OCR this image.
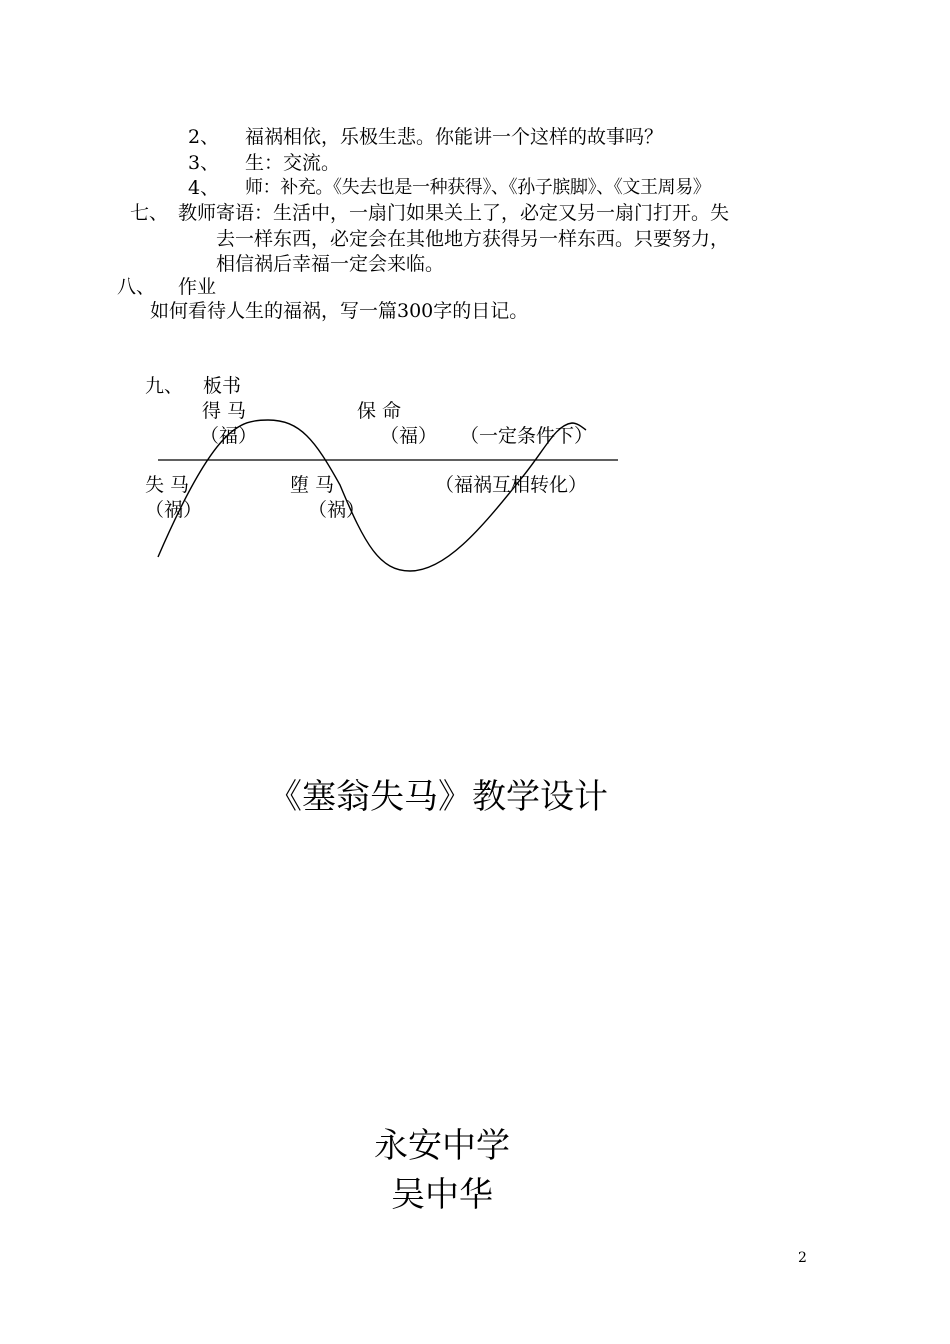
2、 福祸相依，乐极生悲。你能讲一个这样的故事吗？
3、 生：交流。
4、 师：补充。《失去也是一种获得》、《孙子膑脚》、《文王周易》
七、 教师寄语：生活中，一扇门如果关上了，必定又另一扇门打开。失
去一样东西，必定会在其他地方获得另一样东西。只要努力，
相信祸后幸福一定会来临。
八、 作业
如何看待人生的福祸，写一篇300字的日记。
九、 板书
得 马
（福）
保 命
（福） （一定条件下）
失 马
（祸）
堕 马
（祸）
（福祸互相转化）
《塞翁失马》教学设计
永安中学
吴中华
2
